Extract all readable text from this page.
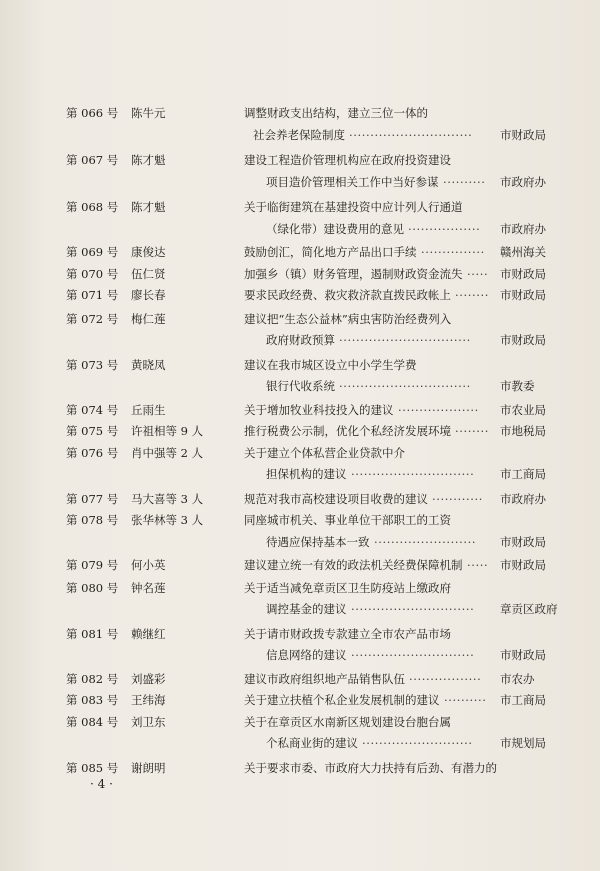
第 066 号 陈牛元	调整财政支出结构，建立三位一体的
社会养老保险制度 ·····························	市财政局
第 067 号 陈才魁	建设工程造价管理机构应在政府投资建设
项目造价管理相关工作中当好参谋 ··········	市政府办
第 068 号 陈才魁	关于临街建筑在基建投资中应计列人行通道
（绿化带）建设费用的意见 ·················	市政府办
第 069 号 康俊达	鼓励创汇，简化地方产品出口手续 ···············	赣州海关
第 070 号 伍仁贤	加强乡（镇）财务管理，遏制财政资金流失 ·····	市财政局
第 071 号 廖长春	要求民政经费、救灾救济款直拨民政帐上 ········ 市财政局
第 072 号 梅仁莲	建议把“生态公益林”病虫害防治经费列入
政府财政预算 ·······························	市财政局
第 073 号 黄晓凤	建议在我市城区设立中小学生学费
银行代收系统 ·······························	市教委
第 074 号 丘雨生	关于增加牧业科技投入的建议 ···················	市农业局
第 075 号 许祖相等 9 人	推行税费公示制，优化个私经济发展环境 ········ 市地税局
第 076 号 肖中强等 2 人	关于建立个体私营企业贷款中介
担保机构的建议 ·····························	市工商局
第 077 号 马大喜等 3 人	规范对我市高校建设项目收费的建议 ············	市政府办
第 078 号 张华林等 3 人	同座城市机关、事业单位干部职工的工资
待遇应保持基本一致 ························	市财政局
第 079 号 何小英	建议建立统一有效的政法机关经费保障机制 ·····	市财政局
第 080 号 钟名莲	关于适当减免章贡区卫生防疫站上缴政府
调控基金的建议 ·····························	章贡区政府
第 081 号 赖继红	关于请市财政拨专款建立全市农产品市场
信息网络的建议 ·····························	市财政局
第 082 号 刘盛彩	建议市政府组织地产品销售队伍 ·················	市农办
第 083 号 王纬海	关于建立扶植个私企业发展机制的建议 ··········	市工商局
第 084 号 刘卫东	关于在章贡区水南新区规划建设台胞台属
个私商业街的建议 ··························	市规划局
第 085 号 谢朗明	关于要求市委、市政府大力扶持有后劲、有潜力的
· 4 ·
